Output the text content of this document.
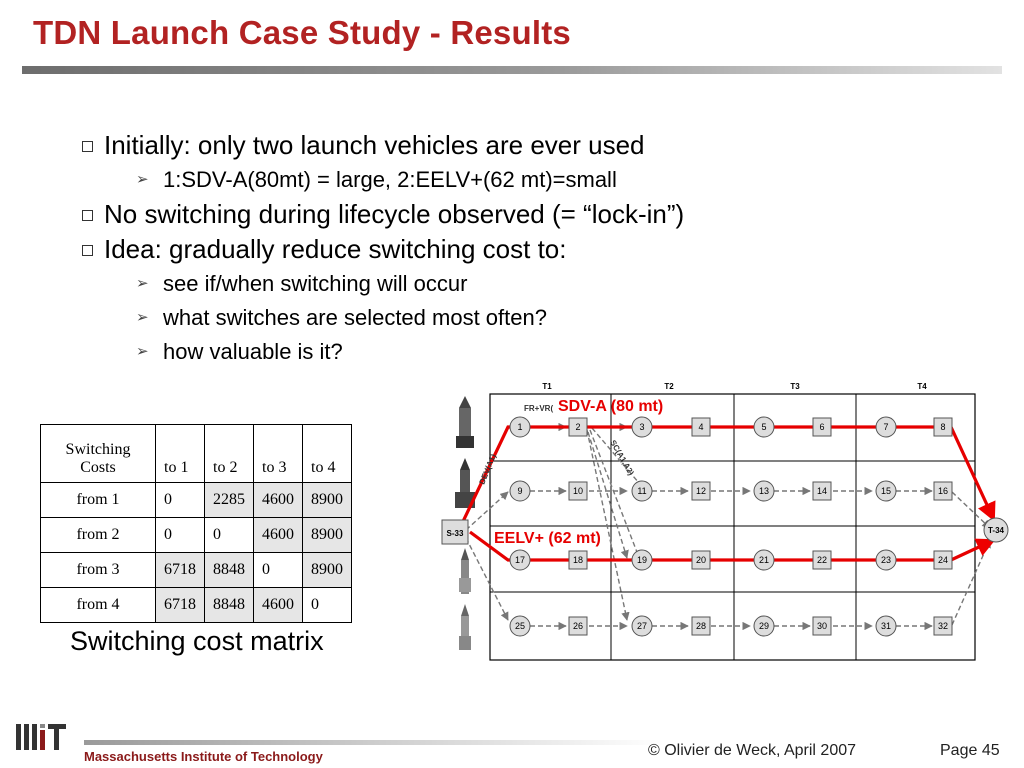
TDN Launch Case Study - Results
Initially: only two launch vehicles are ever used
➢ 1:SDV-A(80mt) = large, 2:EELV+(62 mt)=small
No switching during lifecycle observed (= “lock-in”)
Idea: gradually reduce switching cost to:
➢ see if/when switching will occur
➢ what switches are selected most often?
➢ how valuable is it?
Switching Costs	to 1	to 2	to 3	to 4
from 1	0	2285	4600	8900
from 2	0	0	4600	8900
from 3	6718	8848	0	8900
from 4	6718	8848	4600	0
Switching cost matrix
T1	T2	T3	T4
S-33	T-34
1	2	3	4	5	6	7	8
9	10	11	12	13	14	15	16
17	18	19	20	21	22	23	24
25	26	27	28	29	30	31	32
FR+VR(
DEV(A1)	SC(A1,A2)
SDV-A (80 mt)
EELV+ (62 mt)
Massachusetts Institute of Technology	© Olivier de Weck, April 2007	Page 45
